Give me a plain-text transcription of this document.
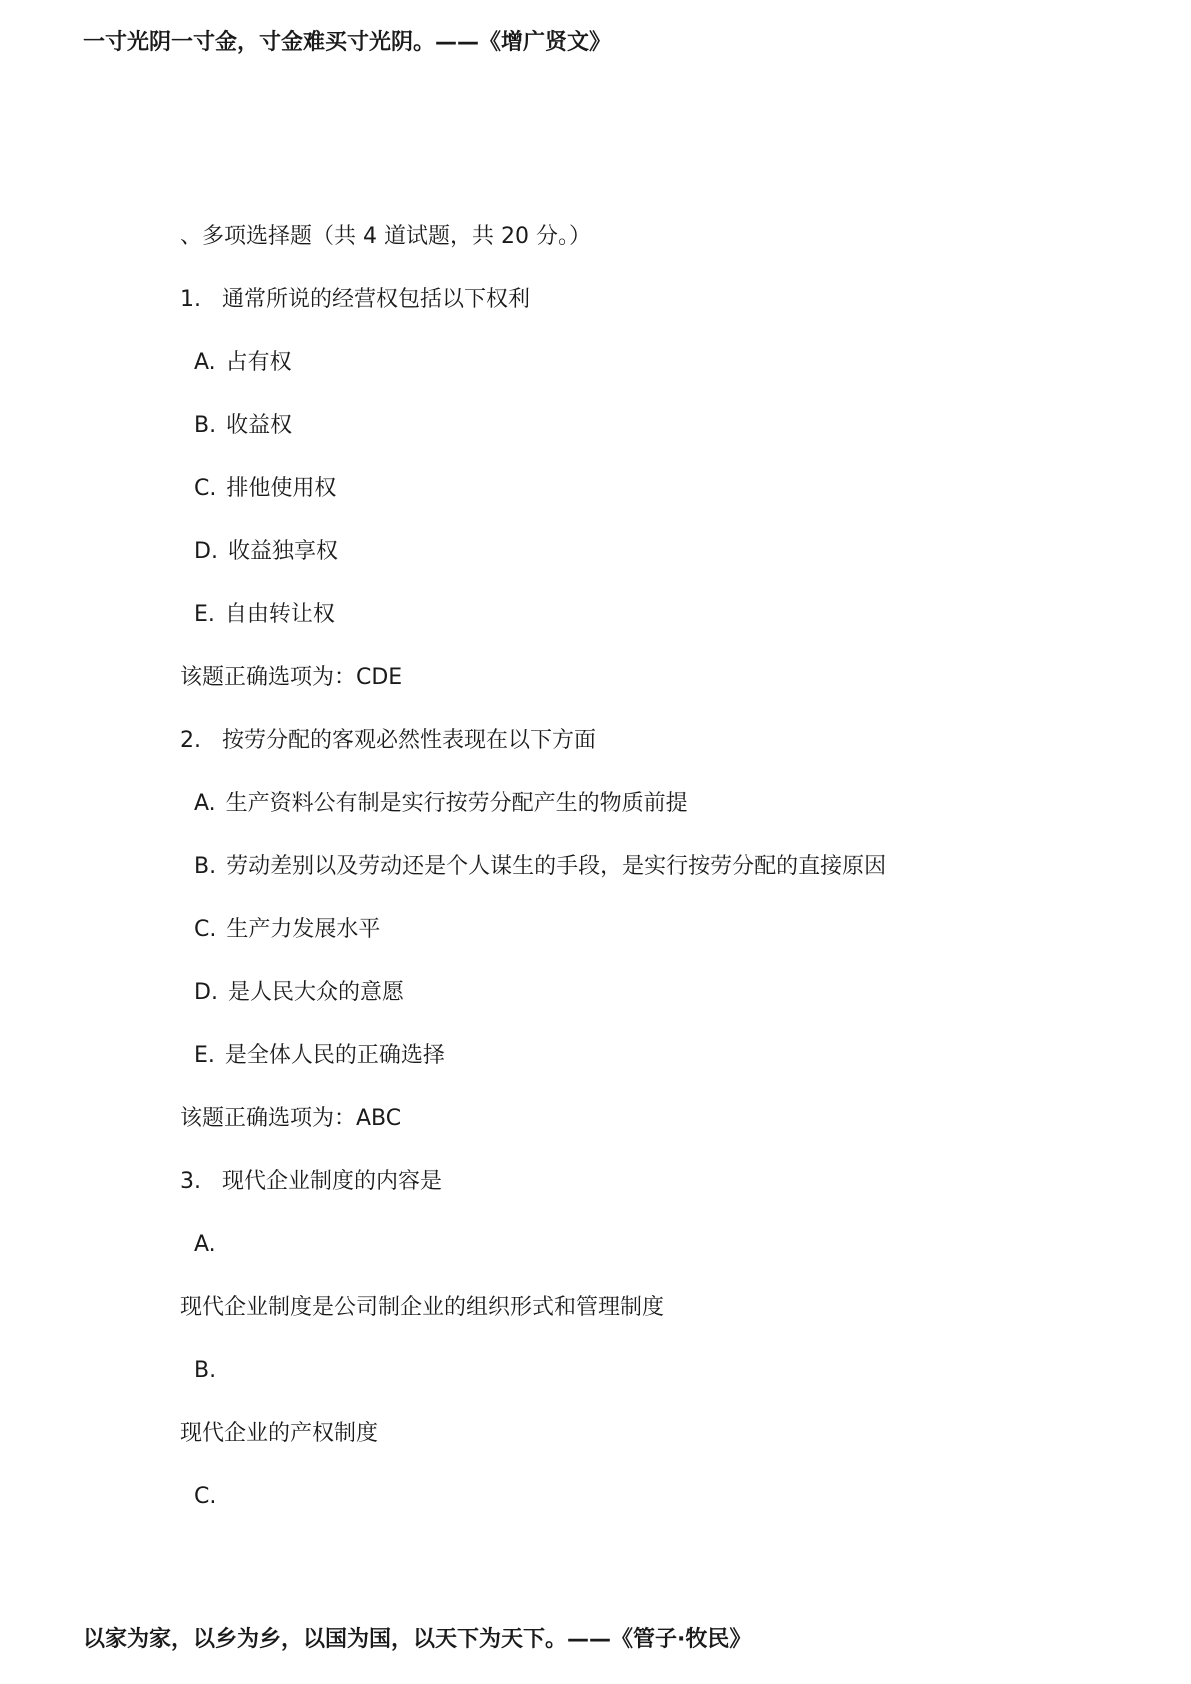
一寸光阴一寸金，寸金难买寸光阴。——《增广贤文》
、多项选择题（共 4 道试题，共 20 分。）
1. 通常所说的经营权包括以下权利
A. 占有权
B. 收益权
C. 排他使用权
D. 收益独享权
E. 自由转让权
该题正确选项为：CDE
2. 按劳分配的客观必然性表现在以下方面
A. 生产资料公有制是实行按劳分配产生的物质前提
B. 劳动差别以及劳动还是个人谋生的手段，是实行按劳分配的直接原因
C. 生产力发展水平
D. 是人民大众的意愿
E. 是全体人民的正确选择
该题正确选项为：ABC
3. 现代企业制度的内容是
A.
现代企业制度是公司制企业的组织形式和管理制度
B.
现代企业的产权制度
C.
以家为家，以乡为乡，以国为国，以天下为天下。——《管子·牧民》
